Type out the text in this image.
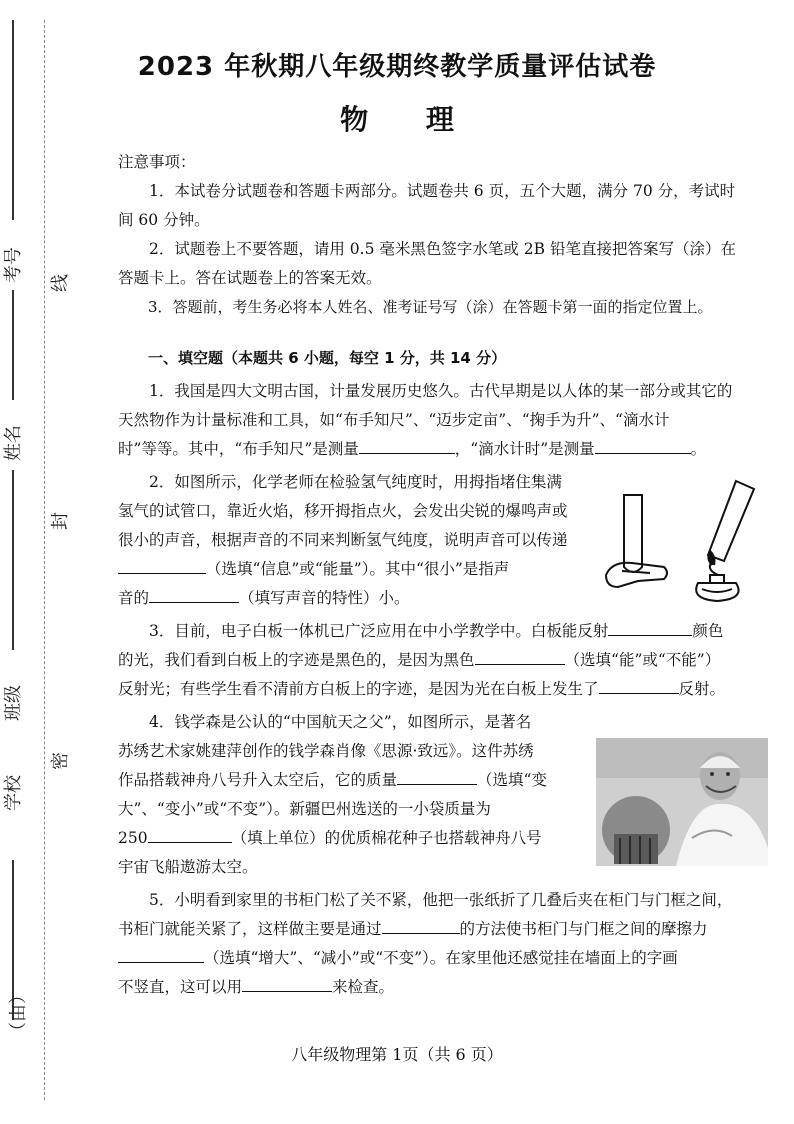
考号 线
姓名
封
班级
密
学校
（由）
2023 年秋期八年级期终教学质量评估试卷
物 理

注意事项：

1．本试卷分试题卷和答题卡两部分。试题卷共 6 页，五个大题，满分 70 分，考试时

间 60 分钟。

2．试题卷上不要答题，请用 0.5 毫米黑色签字水笔或 2B 铅笔直接把答案写（涂）在

答题卡上。答在试题卷上的答案无效。

3．答题前，考生务必将本人姓名、准考证号写（涂）在答题卡第一面的指定位置上。

一、填空题（本题共 6 小题，每空 1 分，共 14 分）

1．我国是四大文明古国，计量发展历史悠久。古代早期是以人体的某一部分或其它的

天然物作为计量标准和工具，如“布手知尺”、“迈步定亩”、“掬手为升”、“滴水计

时”等等。其中，“布手知尺”是测量	，“滴水计时”是测量	。

2．如图所示，化学老师在检验氢气纯度时，用拇指堵住集满

氢气的试管口，靠近火焰，移开拇指点火，会发出尖锐的爆鸣声或

很小的声音，根据声音的不同来判断氢气纯度，说明声音可以传递

（选填“信息”或“能量”）。其中“很小”是指声

音的	（填写声音的特性）小。

3．目前，电子白板一体机已广泛应用在中小学教学中。白板能反射	颜色

的光，我们看到白板上的字迹是黑色的，是因为黑色	（选填“能”或“不能”）

反射光；有些学生看不清前方白板上的字迹，是因为光在白板上发生了	反射。

4．钱学森是公认的“中国航天之父”，如图所示，是著名

苏绣艺术家姚建萍创作的钱学森肖像《思源·致远》。这件苏绣

作品搭载神舟八号升入太空后，它的质量	（选填“变

大”、“变小”或“不变”）。新疆巴州选送的一小袋质量为

250	（填上单位）的优质棉花种子也搭载神舟八号

宇宙飞船遨游太空。

5．小明看到家里的书柜门松了关不紧，他把一张纸折了几叠后夹在柜门与门框之间，

书柜门就能关紧了，这样做主要是通过	的方法使书柜门与门框之间的摩擦力

（选填“增大”、“减小”或“不变”）。在家里他还感觉挂在墙面上的字画

不竖直，这可以用	来检查。

八年级物理第 1页（共 6 页）
